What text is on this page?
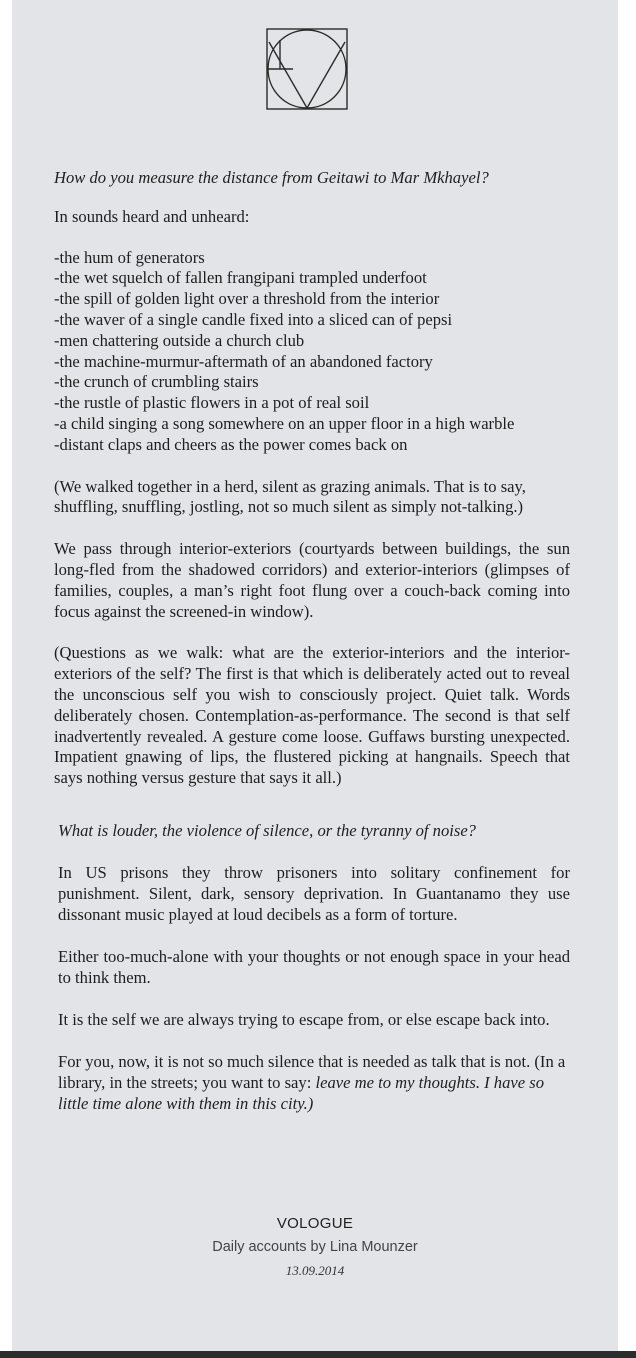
How do you measure the distance from Geitawi to Mar Mkhayel?

In sounds heard and unheard:

-the hum of generators
-the wet squelch of fallen frangipani trampled underfoot
-the spill of golden light over a threshold from the interior
-the waver of a single candle fixed into a sliced can of pepsi
-men chattering outside a church club
-the machine-murmur-aftermath of an abandoned factory
-the crunch of crumbling stairs
-the rustle of plastic flowers in a pot of real soil
-a child singing a song somewhere on an upper floor in a high warble
-distant claps and cheers as the power comes back on

(We walked together in a herd, silent as grazing animals. That is to say, shuffling, snuffling, jostling, not so much silent as simply not-talking.)

We pass through interior-exteriors (courtyards between buildings, the sun long-fled from the shadowed corridors) and exterior-interiors (glimpses of families, couples, a man’s right foot flung over a couch-back coming into focus against the screened-in window).

(Questions as we walk: what are the exterior-interiors and the interior-exteriors of the self? The first is that which is deliberately acted out to reveal the unconscious self you wish to consciously project. Quiet talk. Words deliberately chosen. Contemplation-as-performance. The second is that self inadvertently revealed. A gesture come loose. Guffaws bursting unexpected. Impatient gnawing of lips, the flustered picking at hangnails. Speech that says nothing versus gesture that says it all.)

What is louder, the violence of silence, or the tyranny of noise?

In US prisons they throw prisoners into solitary confinement for punishment. Silent, dark, sensory deprivation. In Guantanamo they use dissonant music played at loud decibels as a form of torture.

Either too-much-alone with your thoughts or not enough space in your head to think them.

It is the self we are always trying to escape from, or else escape back into.

For you, now, it is not so much silence that is needed as talk that is not. (In a library, in the streets; you want to say: leave me to my thoughts. I have so little time alone with them in this city.)

VOLOGUE
Daily accounts by Lina Mounzer
13.09.2014
